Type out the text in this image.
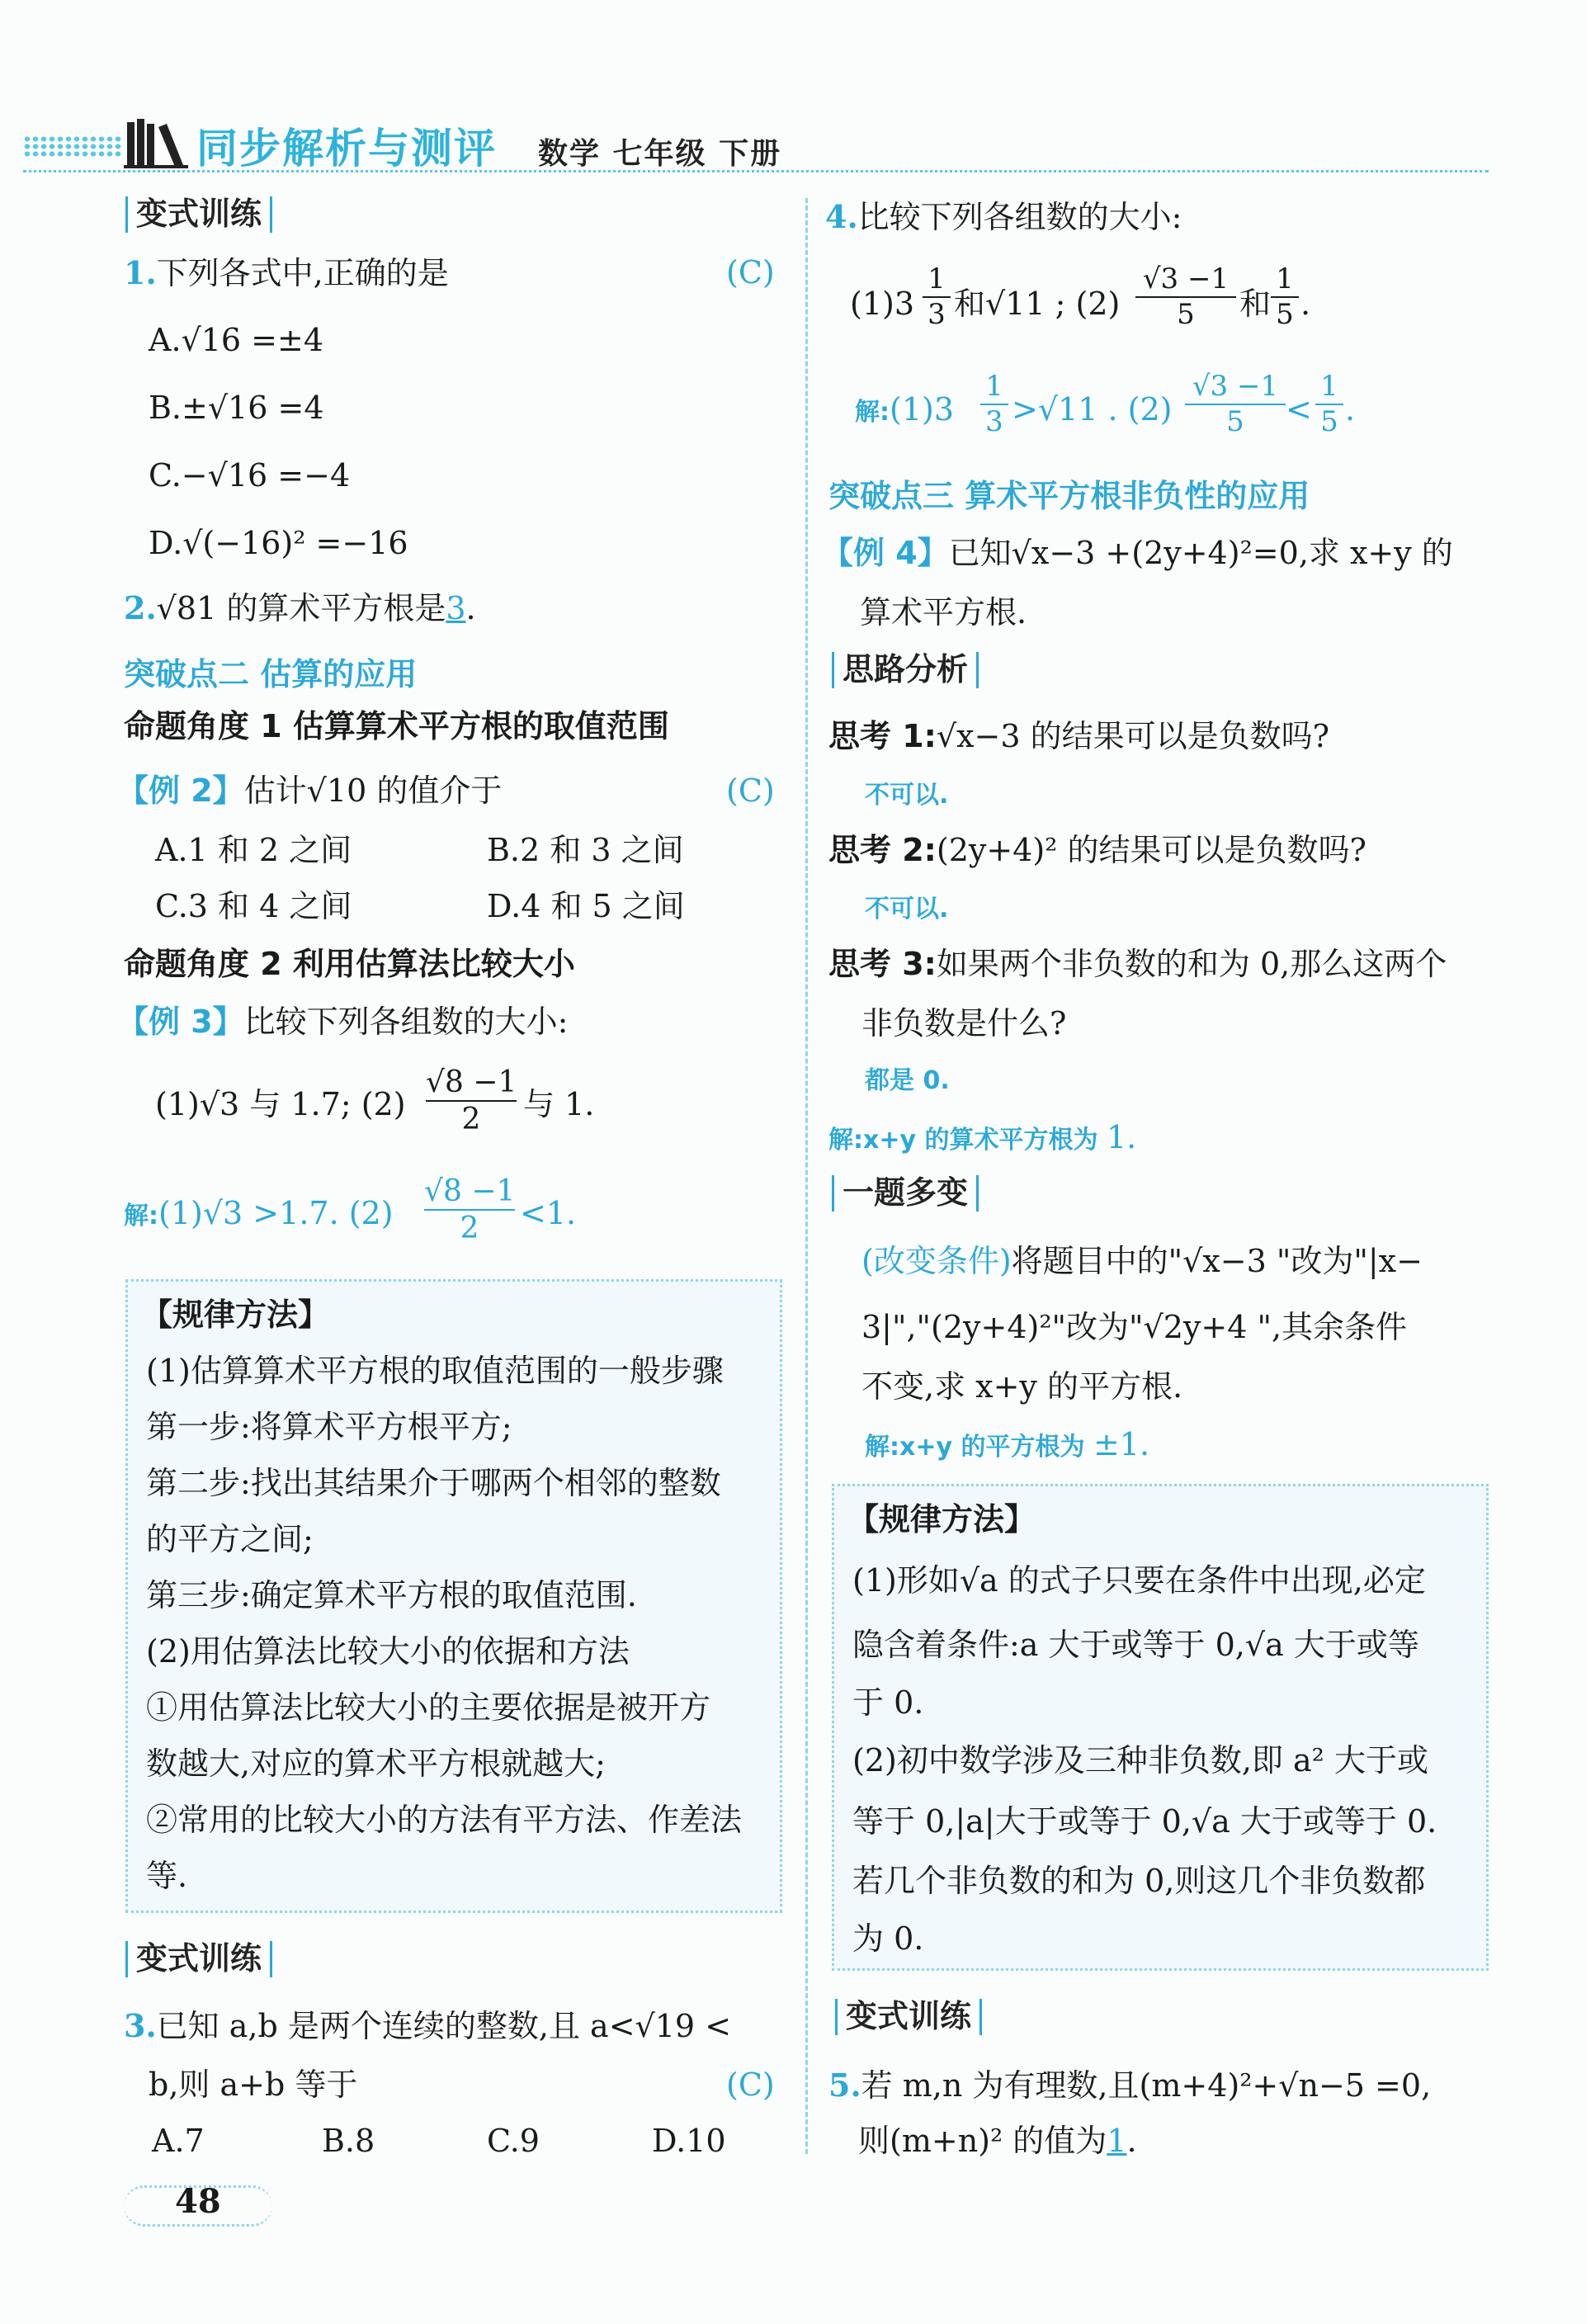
同步解析与测评 数学 七年级 下册
变式训练
1.下列各式中,正确的是	(C)
A.√16 =±4
B.±√16 =4
C.−√16 =−4
D.√(−16)² =−16
2.√81 的算术平方根是3.
突破点二 估算的应用
命题角度 1 估算算术平方根的取值范围
【例 2】估计√10 的值介于	(C)
A.1 和 2 之间	B.2 和 3 之间
C.3 和 4 之间	D.4 和 5 之间
命题角度 2 利用估算法比较大小
【例 3】比较下列各组数的大小:
(1)√3 与 1.7; $(2) \frac{√8 -1}{2}$ 与 1.
解:(1)√3 >1.7. $(2) \frac{√8 -1}{2} <1$.
【规律方法】
(1)估算算术平方根的取值范围的一般步骤
第一步:将算术平方根平方;
第二步:找出其结果介于哪两个相邻的整数
的平方之间;
第三步:确定算术平方根的取值范围.
(2)用估算法比较大小的依据和方法
①用估算法比较大小的主要依据是被开方
数越大,对应的算术平方根就越大;
②常用的比较大小的方法有平方法、作差法
等.
变式训练
3.已知 a,b 是两个连续的整数,且 a<√19 <
b,则 a+b 等于	(C)
A.7	B.8	C.9	D.10
4.比较下列各组数的大小:
$(1)3 \frac{1}{3}$ 和√11 ; $(2) \frac{√3 -1}{5}$ 和 $\frac{1}{5}$ .
解:(1)3 $\frac{1}{3} >√11$ . $(2) \frac{√3 -1}{5} < \frac{1}{5}$ .
突破点三 算术平方根非负性的应用
【例 4】已知√x−3 +(2y+4)²=0,求 x+y 的
算术平方根.
思路分析
思考 1:√x−3 的结果可以是负数吗?
不可以.
思考 2:(2y+4)² 的结果可以是负数吗?
不可以.
思考 3:如果两个非负数的和为 0,那么这两个
非负数是什么?
都是 0.
解:x+y 的算术平方根为 1.
一题多变
(改变条件)将题目中的"√x−3 "改为"|x−
3|","(2y+4)²"改为"√2y+4 ",其余条件
不变,求 x+y 的平方根.
解:x+y 的平方根为 ±1.
【规律方法】
(1)形如√a 的式子只要在条件中出现,必定
隐含着条件:a 大于或等于 0,√a 大于或等
于 0.
(2)初中数学涉及三种非负数,即 a² 大于或
等于 0,|a|大于或等于 0,√a 大于或等于 0.
若几个非负数的和为 0,则这几个非负数都
为 0.
变式训练
5.若 m,n 为有理数,且(m+4)²+√n−5 =0,
则(m+n)² 的值为1.
48
